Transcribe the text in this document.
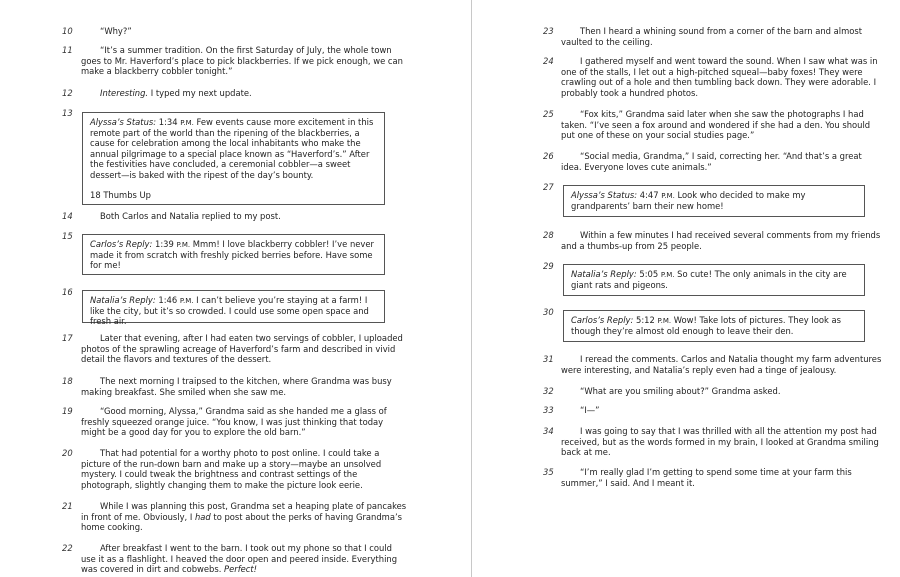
10	“Why?”
11	“It’s a summer tradition. On the first Saturday of July, the whole town goes to Mr. Haverford’s place to pick blackberries. If we pick enough, we can make a blackberry cobbler tonight.”
12	Interesting. I typed my next update.
13
Alyssa’s Status: 1:34 P.M. Few events cause more excitement in this remote part of the world than the ripening of the blackberries, a cause for celebration among the local inhabitants who make the annual pilgrimage to a special place known as “Haverford’s.” After the festivities have concluded, a ceremonial cobbler—a sweet dessert—is baked with the ripest of the day’s bounty.
18 Thumbs Up
14	Both Carlos and Natalia replied to my post.
15
Carlos’s Reply: 1:39 P.M. Mmm! I love blackberry cobbler! I’ve never made it from scratch with freshly picked berries before. Have some for me!
16
Natalia’s Reply: 1:46 P.M. I can’t believe you’re staying at a farm! I like the city, but it’s so crowded. I could use some open space and fresh air.
17	Later that evening, after I had eaten two servings of cobbler, I uploaded photos of the sprawling acreage of Haverford’s farm and described in vivid detail the flavors and textures of the dessert.
18	The next morning I traipsed to the kitchen, where Grandma was busy making breakfast. She smiled when she saw me.
19	“Good morning, Alyssa,” Grandma said as she handed me a glass of freshly squeezed orange juice. “You know, I was just thinking that today might be a good day for you to explore the old barn.”
20	That had potential for a worthy photo to post online. I could take a picture of the run-down barn and make up a story—maybe an unsolved mystery. I could tweak the brightness and contrast settings of the photograph, slightly changing them to make the picture look eerie.
21	While I was planning this post, Grandma set a heaping plate of pancakes in front of me. Obviously, I had to post about the perks of having Grandma’s home cooking.
22	After breakfast I went to the barn. I took out my phone so that I could use it as a flashlight. I heaved the door open and peered inside. Everything was covered in dirt and cobwebs. Perfect!
23	Then I heard a whining sound from a corner of the barn and almost vaulted to the ceiling.
24	I gathered myself and went toward the sound. When I saw what was in one of the stalls, I let out a high-pitched squeal—baby foxes! They were crawling out of a hole and then tumbling back down. They were adorable. I probably took a hundred photos.
25	“Fox kits,” Grandma said later when she saw the photographs I had taken. “I’ve seen a fox around and wondered if she had a den. You should put one of these on your social studies page.”
26	“Social media, Grandma,” I said, correcting her. “And that’s a great idea. Everyone loves cute animals.”
27
Alyssa’s Status: 4:47 P.M. Look who decided to make my grandparents’ barn their new home!
28	Within a few minutes I had received several comments from my friends and a thumbs-up from 25 people.
29
Natalia’s Reply: 5:05 P.M. So cute! The only animals in the city are giant rats and pigeons.
30
Carlos’s Reply: 5:12 P.M. Wow! Take lots of pictures. They look as though they’re almost old enough to leave their den.
31	I reread the comments. Carlos and Natalia thought my farm adventures were interesting, and Natalia’s reply even had a tinge of jealousy.
32	“What are you smiling about?” Grandma asked.
33	“I—”
34	I was going to say that I was thrilled with all the attention my post had received, but as the words formed in my brain, I looked at Grandma smiling back at me.
35	“I’m really glad I’m getting to spend some time at your farm this summer,” I said. And I meant it.
